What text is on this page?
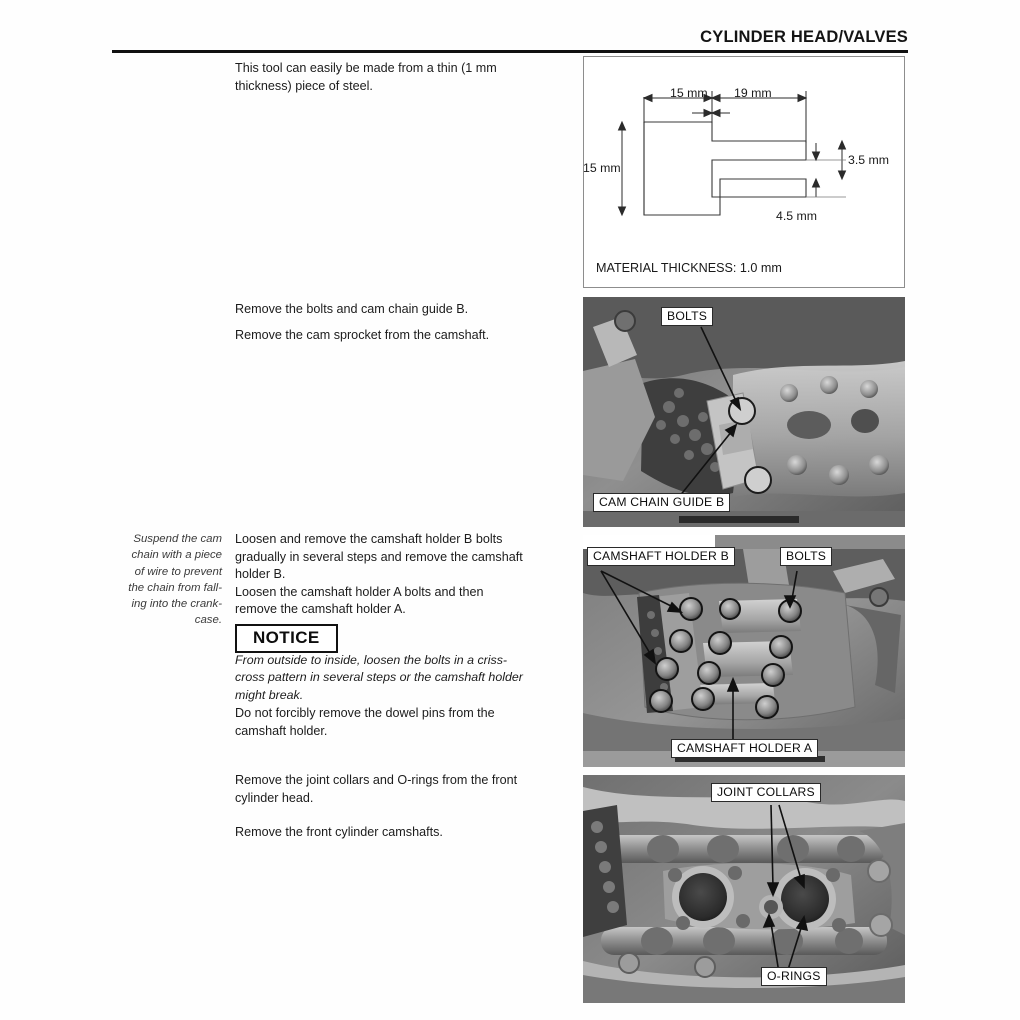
CYLINDER HEAD/VALVES

This tool can easily be made from a thin (1 mm

thickness) piece of steel.

Remove the bolts and cam chain guide B.

Remove the cam sprocket from the camshaft.

Suspend the cam
chain with a piece
of wire to prevent
the chain from fall-
ing into the crank-
case.

Loosen and remove the camshaft holder B bolts

gradually in several steps and remove the camshaft

holder B.

Loosen the camshaft holder A bolts and then

remove the camshaft holder A.

NOTICE

From outside to inside, loosen the bolts in a criss-

cross pattern in several steps or the camshaft holder

might break.

Do not forcibly remove the dowel pins from the

camshaft holder.

Remove the joint collars and O-rings from the front

cylinder head.

Remove the front cylinder camshafts.

15 mm 19 mm
15 mm
3.5 mm
4.5 mm
MATERIAL THICKNESS: 1.0 mm
BOLTS
CAM CHAIN GUIDE B
CAMSHAFT HOLDER B	BOLTS
CAMSHAFT HOLDER A
JOINT COLLARS
O-RINGS
